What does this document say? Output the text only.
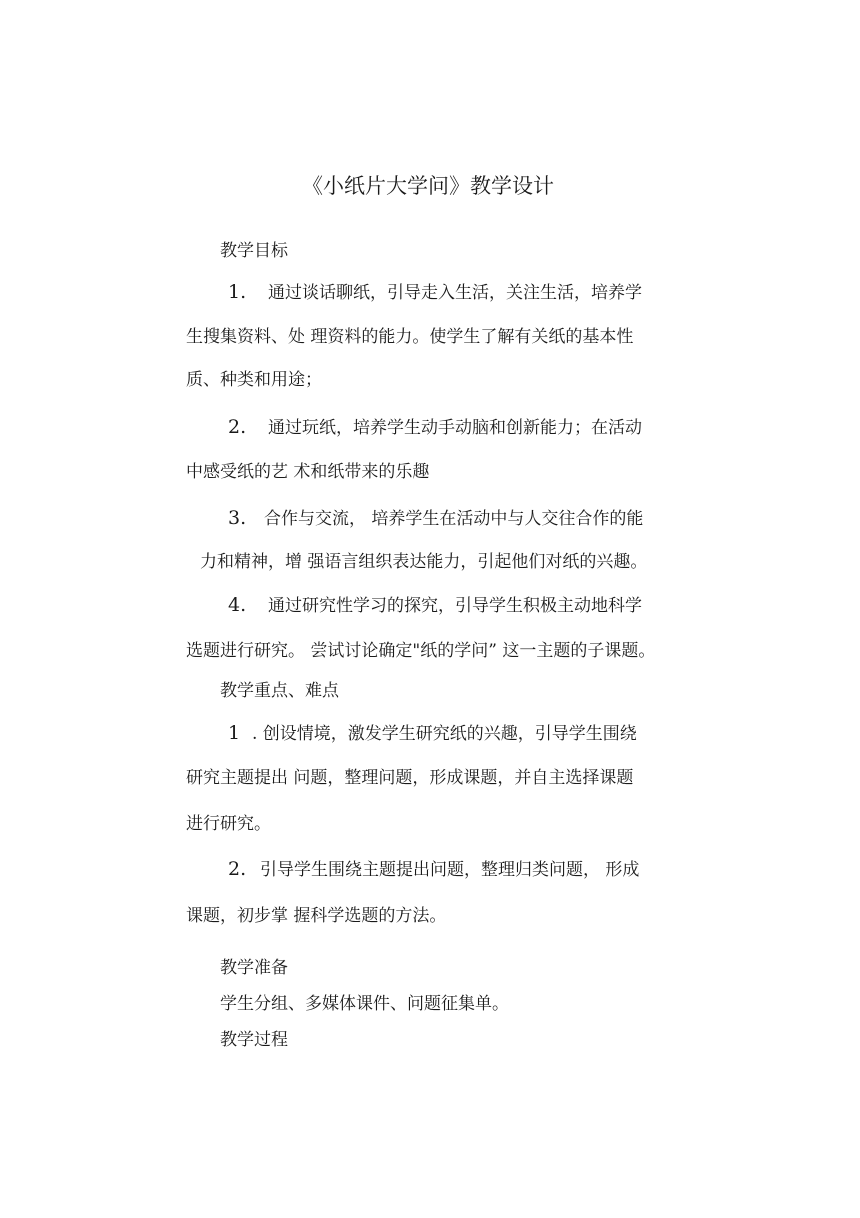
《小纸片大学问》教学设计

教学目标

1. 通过谈话聊纸，引导走入生活，关注生活，培养学

生搜集资料、处 理资料的能力。使学生了解有关纸的基本性

质、种类和用途；

2. 通过玩纸，培养学生动手动脑和创新能力；在活动

中感受纸的艺 术和纸带来的乐趣

3. 合作与交流， 培养学生在活动中与人交往合作的能

力和精神，增 强语言组织表达能力，引起他们对纸的兴趣。

4. 通过研究性学习的探究，引导学生积极主动地科学

选题进行研究。 尝试讨论确定"纸的学问” 这一主题的子课题。

教学重点、难点

1 . 创设情境，激发学生研究纸的兴趣，引导学生围绕

研究主题提出 问题，整理问题，形成课题，并自主选择课题

进行研究。

2. 引导学生围绕主题提出问题，整理归类问题， 形成

课题，初步掌 握科学选题的方法。

教学准备

学生分组、多媒体课件、问题征集单。

教学过程
